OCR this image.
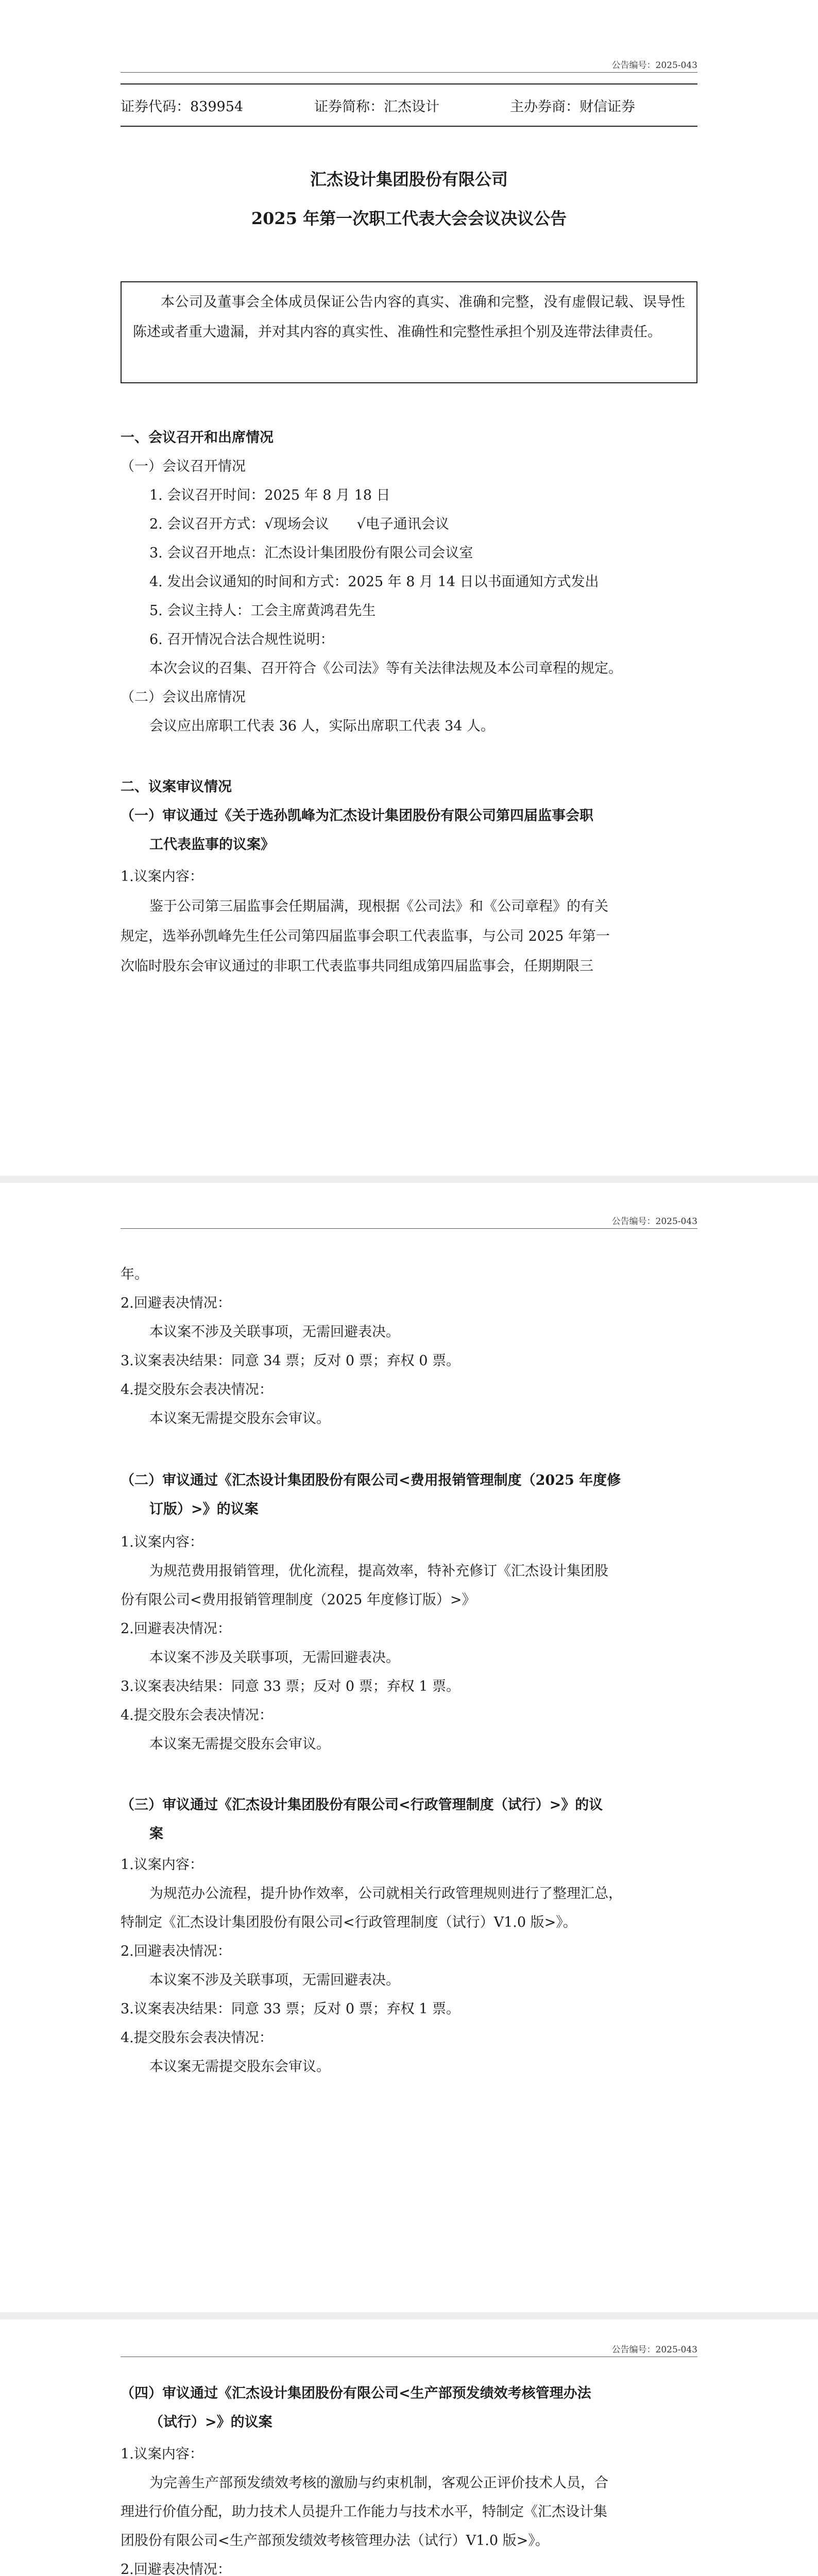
公告编号：2025-043
证券代码：839954	证券简称：汇杰设计	主办券商：财信证券
汇杰设计集团股份有限公司
2025 年第一次职工代表大会会议决议公告

本公司及董事会全体成员保证公告内容的真实、准确和完整，没有虚假记载、误导性陈述或者重大遗漏，并对其内容的真实性、准确性和完整性承担个别及连带法律责任。

一、会议召开和出席情况
（一）会议召开情况
1. 会议召开时间：2025 年 8 月 18 日
2. 会议召开方式：√现场会议　　√电子通讯会议
3. 会议召开地点：汇杰设计集团股份有限公司会议室
4. 发出会议通知的时间和方式：2025 年 8 月 14 日以书面通知方式发出
5. 会议主持人：工会主席黄鸿君先生
6. 召开情况合法合规性说明：
本次会议的召集、召开符合《公司法》等有关法律法规及本公司章程的规定。
（二）会议出席情况
会议应出席职工代表 36 人，实际出席职工代表 34 人。
二、议案审议情况
（一）审议通过《关于选孙凯峰为汇杰设计集团股份有限公司第四届监事会职
工代表监事的议案》
1.议案内容：
鉴于公司第三届监事会任期届满，现根据《公司法》和《公司章程》的有关
规定，选举孙凯峰先生任公司第四届监事会职工代表监事，与公司 2025 年第一
次临时股东会审议通过的非职工代表监事共同组成第四届监事会，任期期限三
公告编号：2025-043
年。
2.回避表决情况：
本议案不涉及关联事项，无需回避表决。
3.议案表决结果：同意 34 票；反对 0 票；弃权 0 票。
4.提交股东会表决情况：
本议案无需提交股东会审议。
（二）审议通过《汇杰设计集团股份有限公司<费用报销管理制度（2025 年度修
订版）>》的议案
1.议案内容：
为规范费用报销管理，优化流程，提高效率，特补充修订《汇杰设计集团股
份有限公司<费用报销管理制度（2025 年度修订版）>》
2.回避表决情况：
本议案不涉及关联事项，无需回避表决。
3.议案表决结果：同意 33 票；反对 0 票；弃权 1 票。
4.提交股东会表决情况：
本议案无需提交股东会审议。
（三）审议通过《汇杰设计集团股份有限公司<行政管理制度（试行）>》的议
案
1.议案内容：
为规范办公流程，提升协作效率，公司就相关行政管理规则进行了整理汇总，
特制定《汇杰设计集团股份有限公司<行政管理制度（试行）V1.0 版>》。
2.回避表决情况：
本议案不涉及关联事项，无需回避表决。
3.议案表决结果：同意 33 票；反对 0 票；弃权 1 票。
4.提交股东会表决情况：
本议案无需提交股东会审议。
公告编号：2025-043
（四）审议通过《汇杰设计集团股份有限公司<生产部预发绩效考核管理办法
（试行）>》的议案
1.议案内容：
为完善生产部预发绩效考核的激励与约束机制，客观公正评价技术人员，合
理进行价值分配，助力技术人员提升工作能力与技术水平，特制定《汇杰设计集
团股份有限公司<生产部预发绩效考核管理办法（试行）V1.0 版>》。
2.回避表决情况：
